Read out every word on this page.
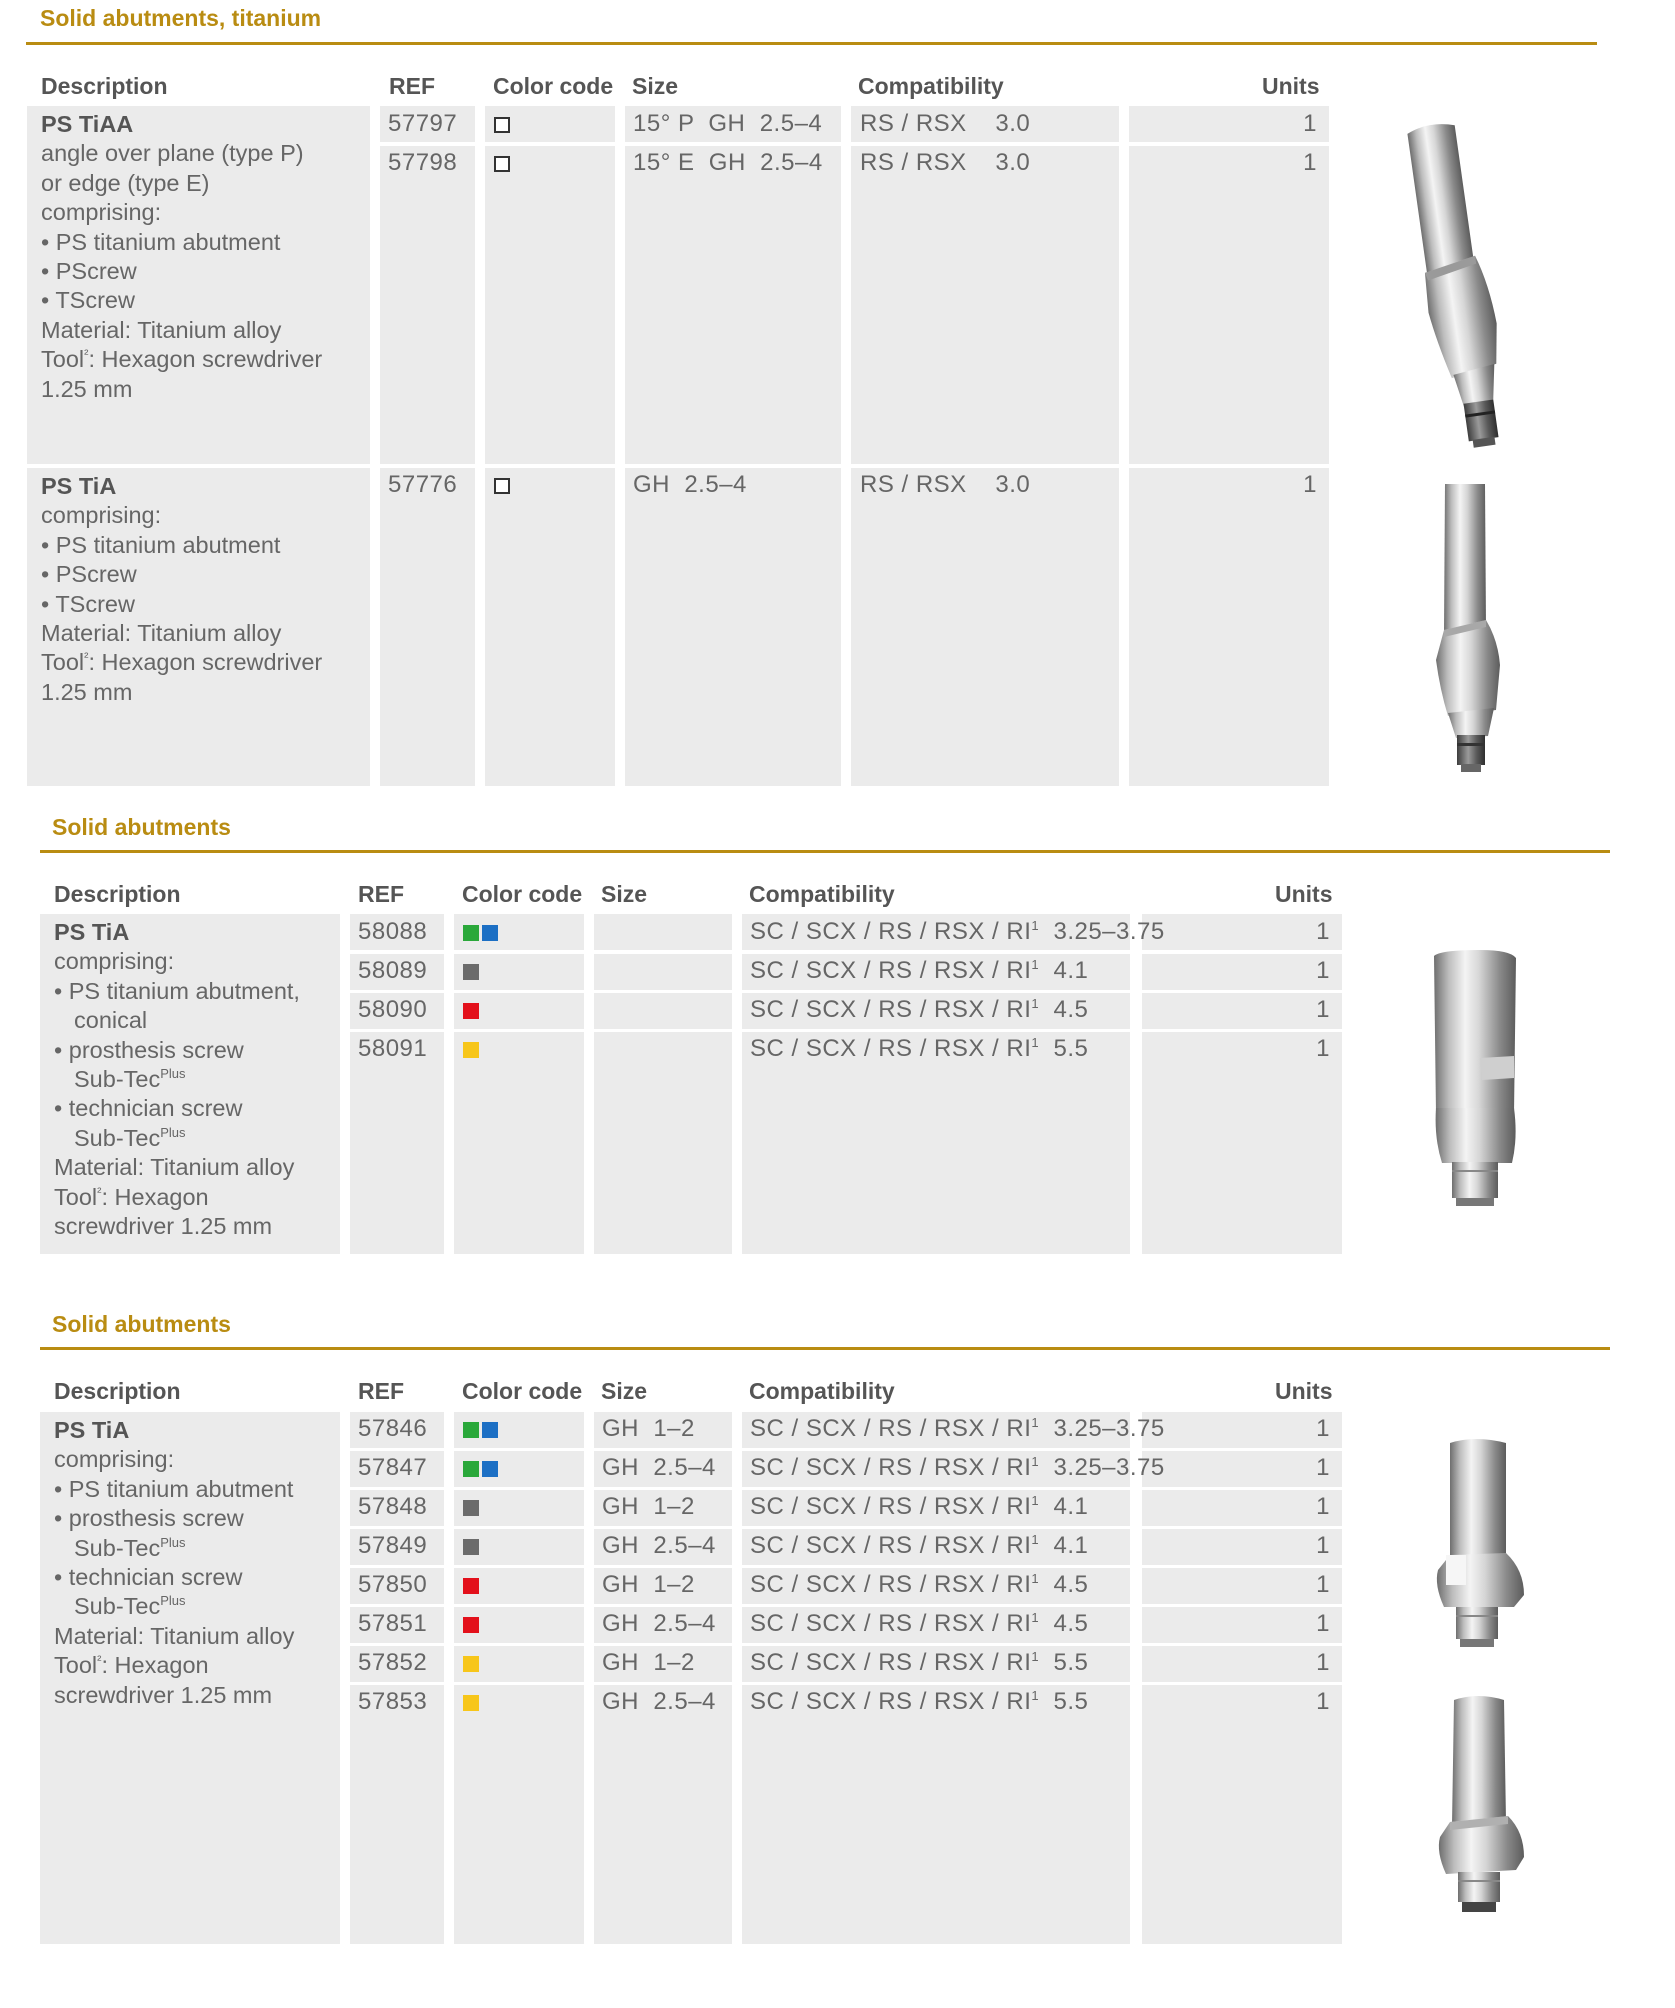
Solid abutments, titanium
Description	REF	Color code Size	Compatibility	Units
PS TiAA
angle over plane (type P)
or edge (type E)
comprising:
• PS titanium abutment
• PScrew
• TScrew
Material: Titanium alloy
Tool$^{^2}$: Hexagon screwdriver
1.25 mm
57797	15° P  GH  2.5–4 RS / RSX    3.0	1
57798	15° E  GH  2.5–4 RS / RSX    3.0	1
PS TiA
comprising:
• PS titanium abutment
• PScrew
• TScrew
Material: Titanium alloy
Tool$^{^2}$: Hexagon screwdriver
1.25 mm
57776	GH  2.5–4	RS / RSX    3.0	1
Solid abutments
Description	REF	Color code Size	Compatibility	Units
PS TiA
comprising:
• PS titanium abutment,
conical
• prosthesis screw
Sub-Tec$^{Plus}$
• technician screw
Sub-Tec$^{Plus}$
Material: Titanium alloy
Tool$^{^2}$: Hexagon
screwdriver 1.25 mm
58088	SC / SCX / RS / RSX / $RI^1$ 3.25–3.75	1
58089	SC / SCX / RS / RSX / $RI^1$ 4.1	1
58090	SC / SCX / RS / RSX / $RI^1$ 4.5	1
58091	SC / SCX / RS / RSX / $RI^1$ 5.5	1
Solid abutments
Description	REF	Color code Size	Compatibility	Units
PS TiA
comprising:
• PS titanium abutment
• prosthesis screw
Sub-Tec$^{Plus}$
• technician screw
Sub-Tec$^{Plus}$
Material: Titanium alloy
Tool$^{^2}$: Hexagon
screwdriver 1.25 mm
57846	GH  1–2 SC / SCX / RS / RSX / $RI^1$ 3.25–3.75	1
57847	GH  2.5–4 SC / SCX / RS / RSX / $RI^1$ 3.25–3.75	1
57848	GH  1–2 SC / SCX / RS / RSX / $RI^1$ 4.1	1
57849	GH  2.5–4 SC / SCX / RS / RSX / $RI^1$ 4.1	1
57850	GH  1–2 SC / SCX / RS / RSX / $RI^1$ 4.5	1
57851	GH  2.5–4 SC / SCX / RS / RSX / $RI^1$ 4.5	1
57852	GH  1–2 SC / SCX / RS / RSX / $RI^1$ 5.5	1
57853	GH  2.5–4 SC / SCX / RS / RSX / $RI^1$ 5.5	1
